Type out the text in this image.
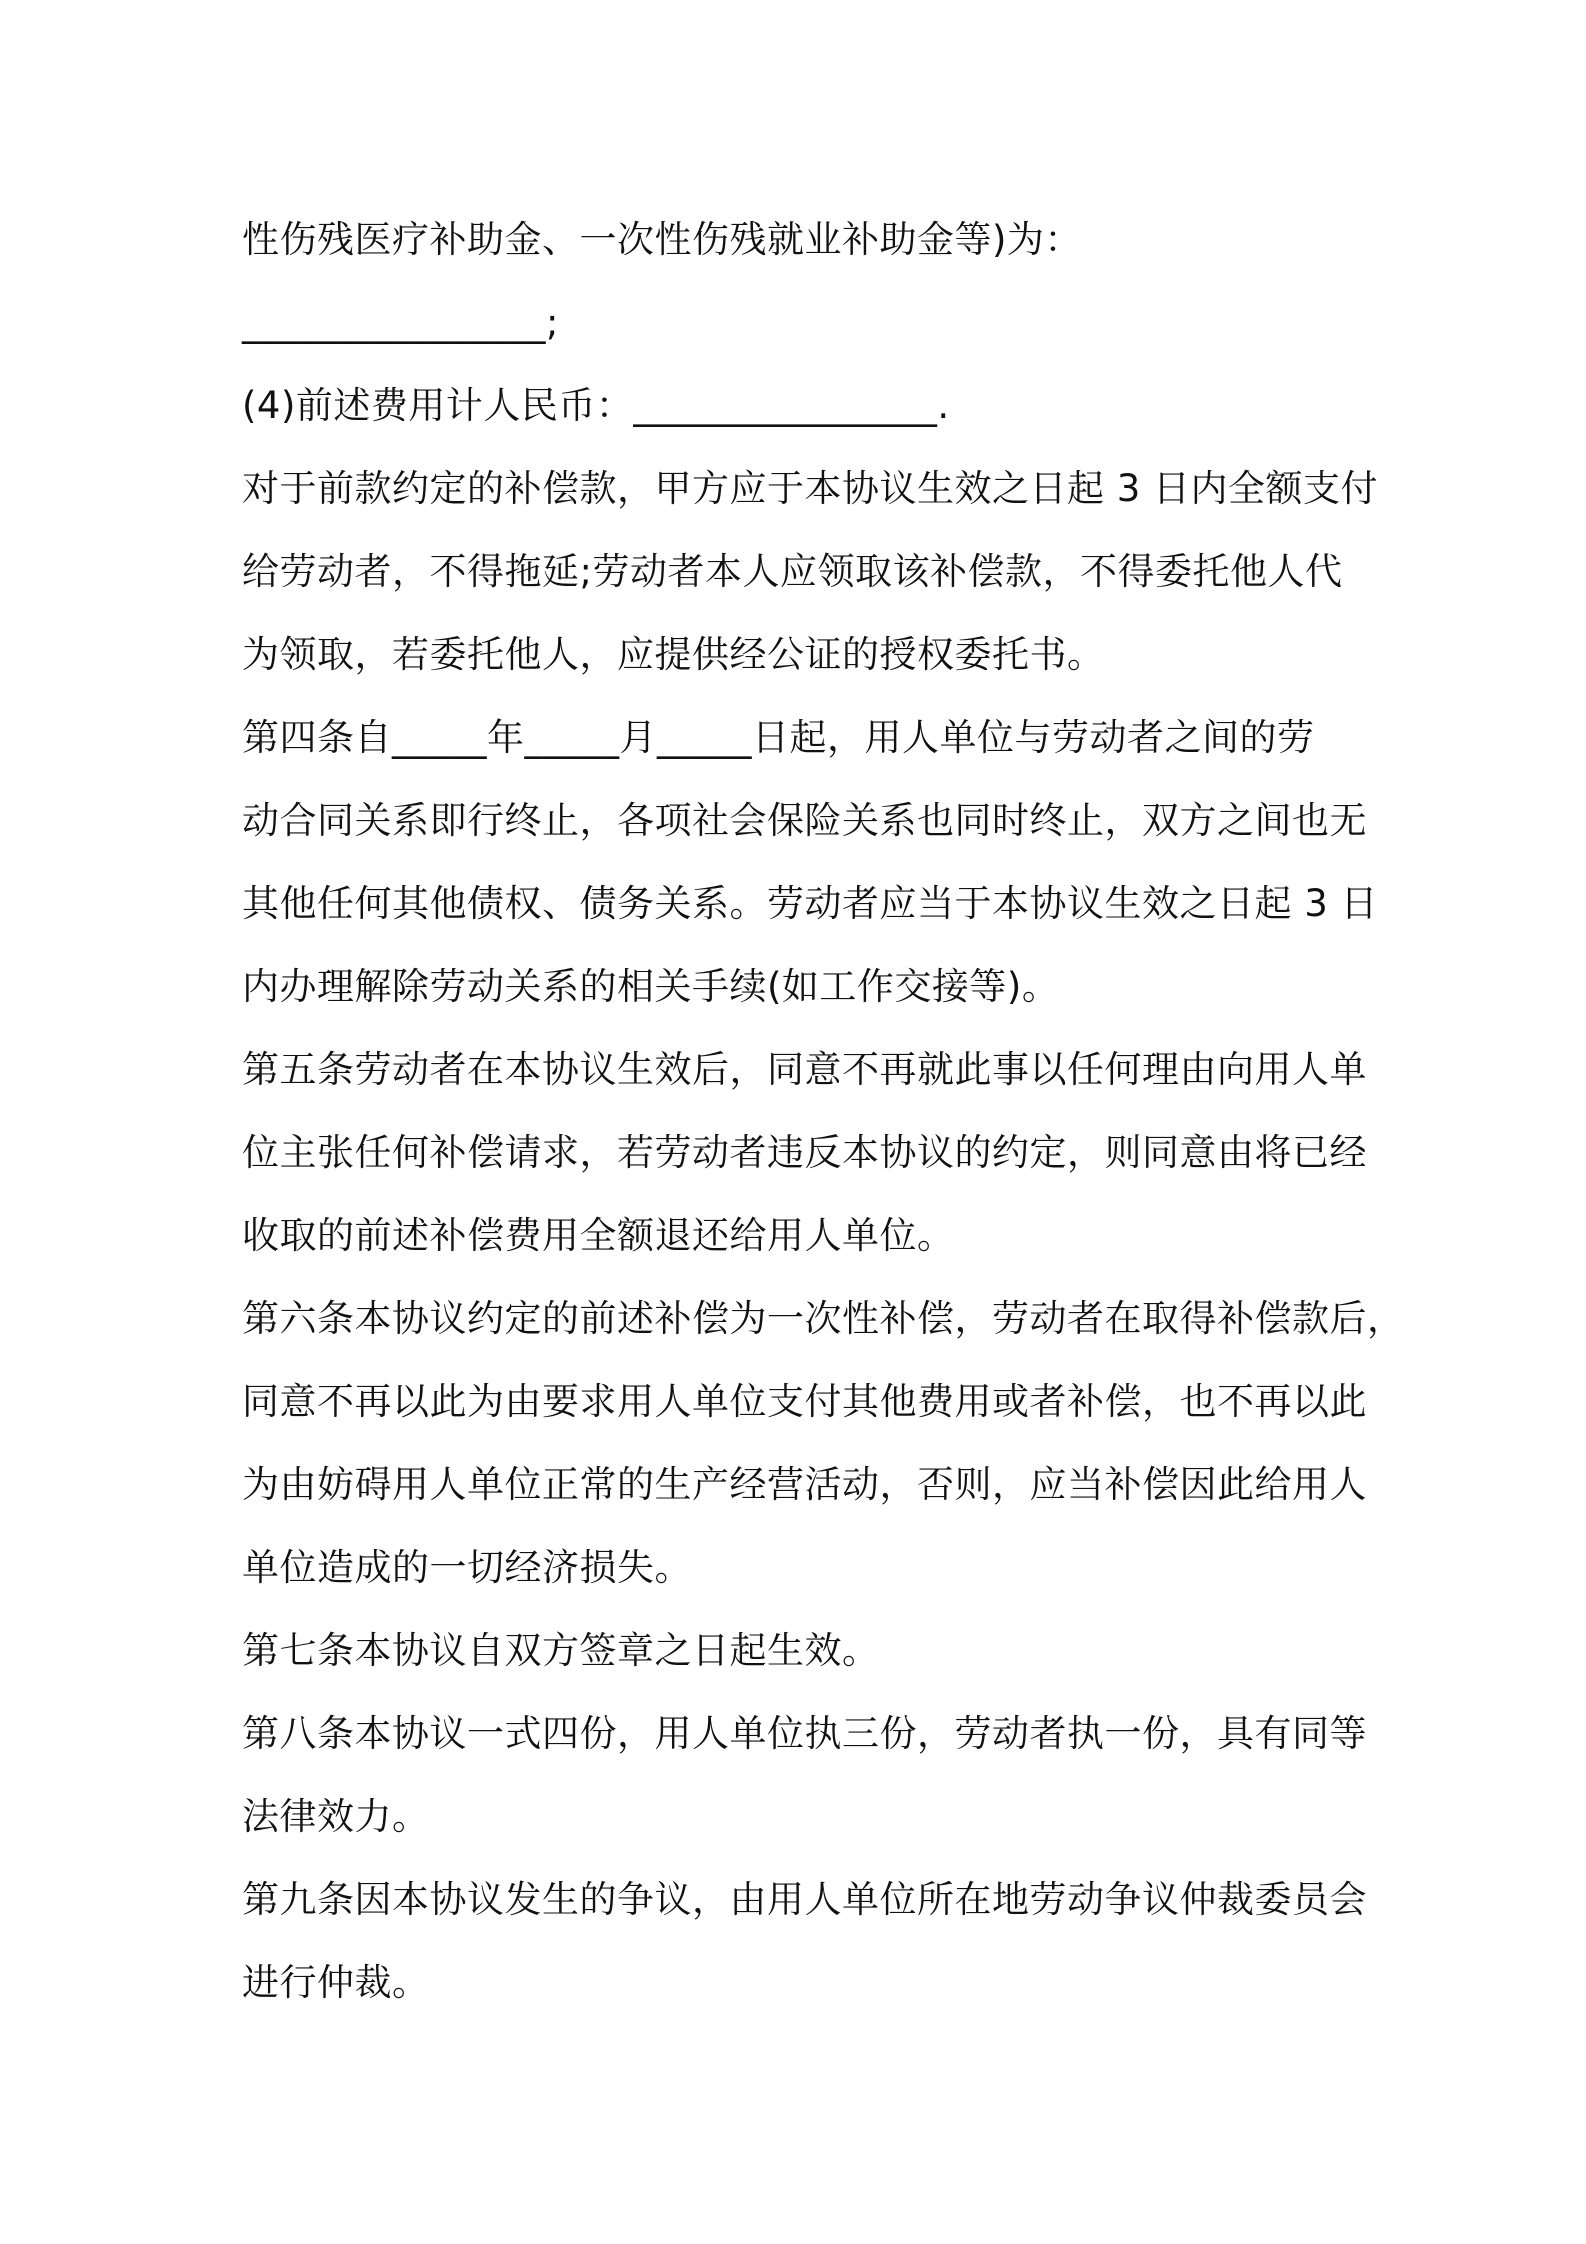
性伤残医疗补助金、一次性伤残就业补助金等)为：
________________;
(4)前述费用计人民币：________________.
对于前款约定的补偿款，甲方应于本协议生效之日起 3 日内全额支付
给劳动者，不得拖延;劳动者本人应领取该补偿款，不得委托他人代
为领取，若委托他人，应提供经公证的授权委托书。
第四条自_____年_____月_____日起，用人单位与劳动者之间的劳
动合同关系即行终止，各项社会保险关系也同时终止，双方之间也无
其他任何其他债权、债务关系。劳动者应当于本协议生效之日起 3 日
内办理解除劳动关系的相关手续(如工作交接等)。
第五条劳动者在本协议生效后，同意不再就此事以任何理由向用人单
位主张任何补偿请求，若劳动者违反本协议的约定，则同意由将已经
收取的前述补偿费用全额退还给用人单位。
第六条本协议约定的前述补偿为一次性补偿，劳动者在取得补偿款后，
同意不再以此为由要求用人单位支付其他费用或者补偿，也不再以此
为由妨碍用人单位正常的生产经营活动，否则，应当补偿因此给用人
单位造成的一切经济损失。
第七条本协议自双方签章之日起生效。
第八条本协议一式四份，用人单位执三份，劳动者执一份，具有同等
法律效力。
第九条因本协议发生的争议，由用人单位所在地劳动争议仲裁委员会
进行仲裁。
